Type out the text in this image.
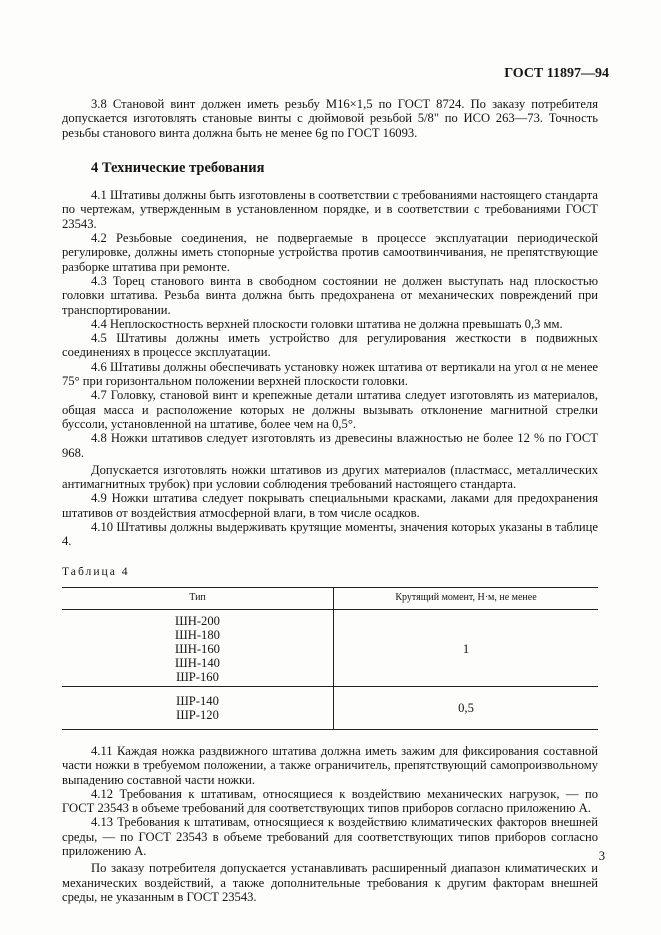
ГОСТ 11897—94

3.8 Становой винт должен иметь резьбу М16×1,5 по ГОСТ 8724. По заказу потребителя допускается изготовлять становые винты с дюймовой резьбой 5/8" по ИСО 263—73. Точность резьбы станового винта должна быть не менее 6g по ГОСТ 16093.

4 Технические требования

4.1 Штативы должны быть изготовлены в соответствии с требованиями настоящего стандарта по чертежам, утвержденным в установленном порядке, и в соответствии с требованиями ГОСТ 23543.

4.2 Резьбовые соединения, не подвергаемые в процессе эксплуатации периодической регулировке, должны иметь стопорные устройства против самоотвинчивания, не препятствующие разборке штатива при ремонте.

4.3 Торец станового винта в свободном состоянии не должен выступать над плоскостью головки штатива. Резьба винта должна быть предохранена от механических повреждений при транспортировании.

4.4 Неплоскостность верхней плоскости головки штатива не должна превышать 0,3 мм.

4.5 Штативы должны иметь устройство для регулирования жесткости в подвижных соединениях в процессе эксплуатации.

4.6 Штативы должны обеспечивать установку ножек штатива от вертикали на угол α не менее 75° при горизонтальном положении верхней плоскости головки.

4.7 Головку, становой винт и крепежные детали штатива следует изготовлять из материалов, общая масса и расположение которых не должны вызывать отклонение магнитной стрелки буссоли, установленной на штативе, более чем на 0,5°.

4.8 Ножки штативов следует изготовлять из древесины влажностью не более 12 % по ГОСТ 968.

Допускается изготовлять ножки штативов из других материалов (пластмасс, металлических антимагнитных трубок) при условии соблюдения требований настоящего стандарта.

4.9 Ножки штатива следует покрывать специальными красками, лаками для предохранения штативов от воздействия атмосферной влаги, в том числе осадков.

4.10 Штативы должны выдерживать крутящие моменты, значения которых указаны в таблице 4.

Таблица 4
Тип	Крутящий момент, Н·м, не менее

ШН-200
ШН-180
ШН-160
ШН-140
ШР-160	1

ШР-140
ШР-120	0,5

4.11 Каждая ножка раздвижного штатива должна иметь зажим для фиксирования составной части ножки в требуемом положении, а также ограничитель, препятствующий самопроизвольному выпадению составной части ножки.

4.12 Требования к штативам, относящиеся к воздействию механических нагрузок, — по ГОСТ 23543 в объеме требований для соответствующих типов приборов согласно приложению А.

4.13 Требования к штативам, относящиеся к воздействию климатических факторов внешней среды, — по ГОСТ 23543 в объеме требований для соответствующих типов приборов согласно приложению А.

По заказу потребителя допускается устанавливать расширенный диапазон климатических и механических воздействий, а также дополнительные требования к другим факторам внешней среды, не указанным в ГОСТ 23543.

3
